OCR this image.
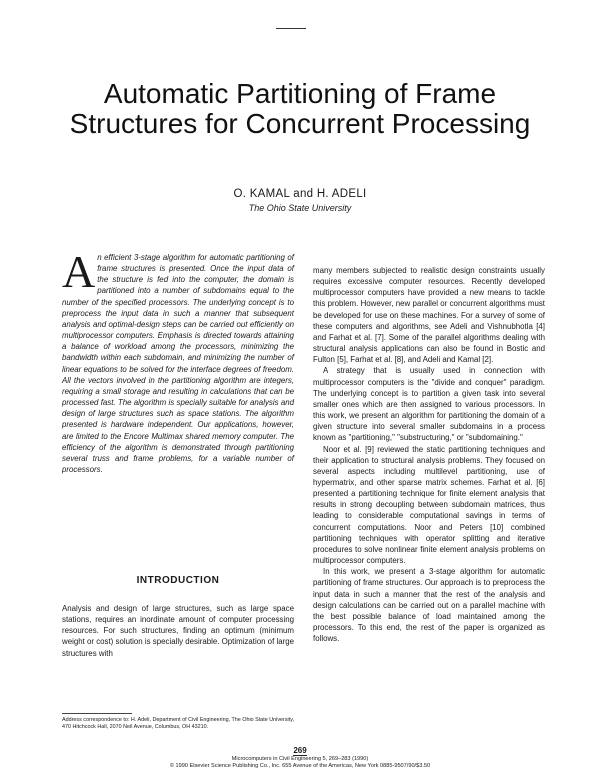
Automatic Partitioning of Frame Structures for Concurrent Processing
O. KAMAL and H. ADELI
The Ohio State University

An efficient 3-stage algorithm for automatic partitioning of frame structures is presented. Once the input data of the structure is fed into the computer, the domain is partitioned into a number of subdomains equal to the number of the specified processors. The underlying concept is to preprocess the input data in such a manner that subsequent analysis and optimal-design steps can be carried out efficiently on multiprocessor computers. Emphasis is directed towards attaining a balance of workload among the processors, minimizing the bandwidth within each subdomain, and minimizing the number of linear equations to be solved for the interface degrees of freedom. All the vectors involved in the partitioning algorithm are integers, requiring a small storage and resulting in calculations that can be processed fast. The algorithm is specially suitable for analysis and design of large structures such as space stations. The algorithm presented is hardware independent. Our applications, however, are limited to the Encore Multimax shared memory computer. The efficiency of the algorithm is demonstrated through partitioning several truss and frame problems, for a variable number of processors.

INTRODUCTION

Analysis and design of large structures, such as large space stations, requires an inordinate amount of computer processing resources. For such structures, finding an optimum (minimum weight or cost) solution is specially desirable. Optimization of large structures with

Address correspondence to: H. Adeli, Department of Civil Engineering, The Ohio State University, 470 Hitchcock Hall, 2070 Neil Avenue, Columbus, OH 43210.

many members subjected to realistic design constraints usually requires excessive computer resources. Recently developed multiprocessor computers have provided a new means to tackle this problem. However, new parallel or concurrent algorithms must be developed for use on these machines. For a survey of some of these computers and algorithms, see Adeli and Vishnubhotla [4] and Farhat et al. [7]. Some of the parallel algorithms dealing with structural analysis applications can also be found in Bostic and Fulton [5], Farhat et al. [8], and Adeli and Kamal [2].

A strategy that is usually used in connection with multiprocessor computers is the "divide and conquer" paradigm. The underlying concept is to partition a given task into several smaller ones which are then assigned to various processors. In this work, we present an algorithm for partitioning the domain of a given structure into several smaller subdomains in a process known as "partitioning," "substructuring," or "subdomaining."

Noor et al. [9] reviewed the static partitioning techniques and their application to structural analysis problems. They focused on several aspects including multilevel partitioning, use of hypermatrix, and other sparse matrix schemes. Farhat et al. [6] presented a partitioning technique for finite element analysis that results in strong decoupling between subdomain matrices, thus leading to considerable computational savings in terms of concurrent computations. Noor and Peters [10] combined partitioning techniques with operator splitting and iterative procedures to solve nonlinear finite element analysis problems on multiprocessor computers.

In this work, we present a 3-stage algorithm for automatic partitioning of frame structures. Our approach is to preprocess the input data in such a manner that the rest of the analysis and design calculations can be carried out on a parallel machine with the best possible balance of load maintained among the processors. To this end, the rest of the paper is organized as follows.

269
Microcomputers in Civil Engineering 5, 269–283 (1990)
© 1990 Elsevier Science Publishing Co., Inc. 655 Avenue of the Americas, New York 0885-9507/90/$3.50
